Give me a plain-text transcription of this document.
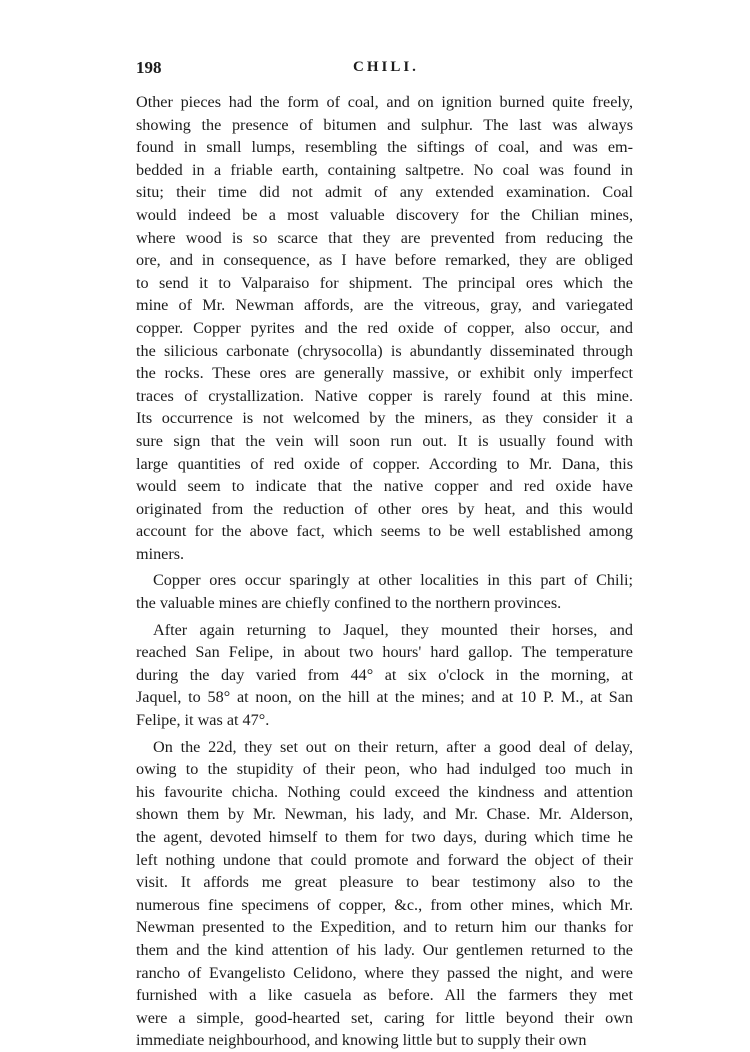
198	CHILI.
Other pieces had the form of coal, and on ignition burned quite freely,
showing the presence of bitumen and sulphur. The last was always
found in small lumps, resembling the siftings of coal, and was em-
bedded in a friable earth, containing saltpetre. No coal was found in
situ; their time did not admit of any extended examination. Coal
would indeed be a most valuable discovery for the Chilian mines,
where wood is so scarce that they are prevented from reducing the
ore, and in consequence, as I have before remarked, they are obliged
to send it to Valparaiso for shipment. The principal ores which the
mine of Mr. Newman affords, are the vitreous, gray, and variegated
copper. Copper pyrites and the red oxide of copper, also occur, and
the silicious carbonate (chrysocolla) is abundantly disseminated through
the rocks. These ores are generally massive, or exhibit only imperfect
traces of crystallization. Native copper is rarely found at this mine.
Its occurrence is not welcomed by the miners, as they consider it a
sure sign that the vein will soon run out. It is usually found with
large quantities of red oxide of copper. According to Mr. Dana, this
would seem to indicate that the native copper and red oxide have
originated from the reduction of other ores by heat, and this would
account for the above fact, which seems to be well established among
miners.
Copper ores occur sparingly at other localities in this part of Chili;
the valuable mines are chiefly confined to the northern provinces.
After again returning to Jaquel, they mounted their horses, and
reached San Felipe, in about two hours' hard gallop. The temperature
during the day varied from 44° at six o'clock in the morning, at
Jaquel, to 58° at noon, on the hill at the mines; and at 10 P. M., at San
Felipe, it was at 47°.
On the 22d, they set out on their return, after a good deal of delay,
owing to the stupidity of their peon, who had indulged too much in
his favourite chicha. Nothing could exceed the kindness and attention
shown them by Mr. Newman, his lady, and Mr. Chase. Mr. Alderson,
the agent, devoted himself to them for two days, during which time he
left nothing undone that could promote and forward the object of their
visit. It affords me great pleasure to bear testimony also to the
numerous fine specimens of copper, &c., from other mines, which Mr.
Newman presented to the Expedition, and to return him our thanks for
them and the kind attention of his lady. Our gentlemen returned to the
rancho of Evangelisto Celidono, where they passed the night, and were
furnished with a like casuela as before. All the farmers they met
were a simple, good-hearted set, caring for little beyond their own
immediate neighbourhood, and knowing little but to supply their own
